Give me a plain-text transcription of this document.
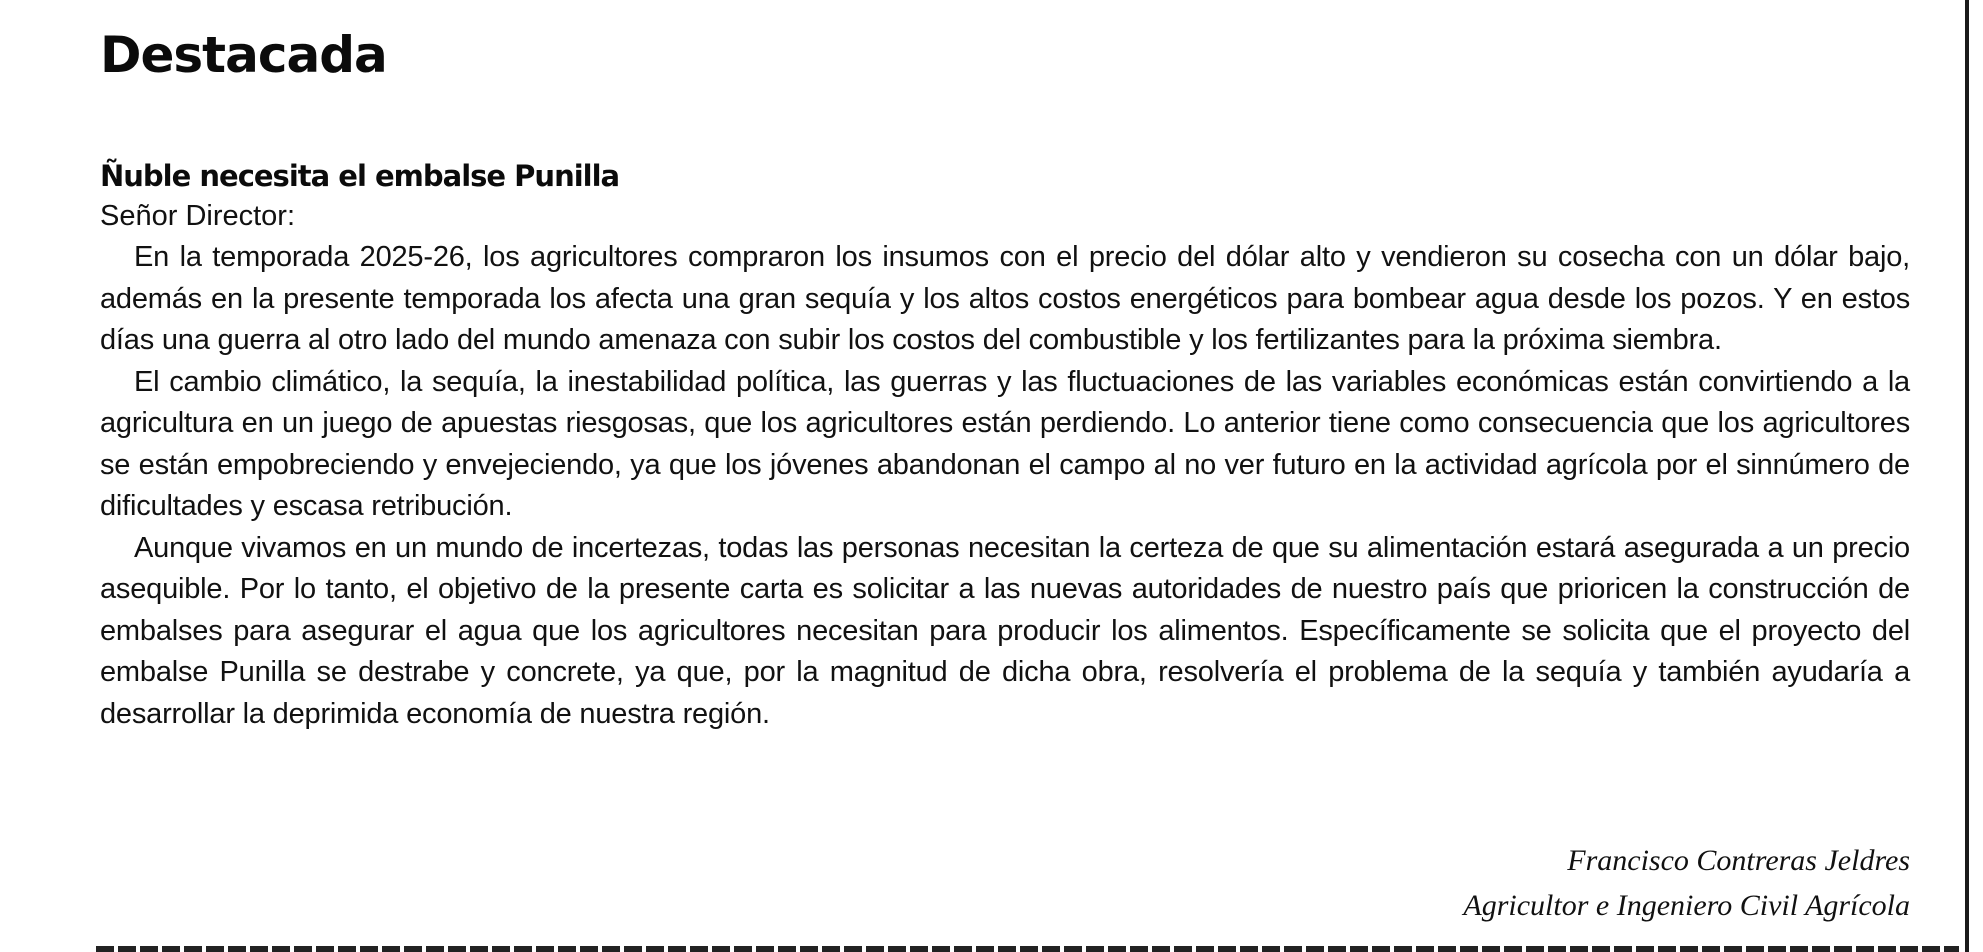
Destacada
Ñuble necesita el embalse Punilla

Señor Director:

En la temporada 2025-26, los agricultores compraron los insumos con el precio del dólar alto y vendieron su cosecha con un dólar bajo, además en la presente temporada los afecta una gran sequía y los altos costos energéticos para bombear agua desde los pozos. Y en estos días una guerra al otro lado del mundo amenaza con subir los costos del combustible y los fertilizantes para la próxima siembra.

El cambio climático, la sequía, la inestabilidad política, las guerras y las fluctuaciones de las variables económicas están convirtiendo a la agricultura en un juego de apuestas riesgosas, que los agricultores están perdiendo. Lo anterior tiene como consecuencia que los agricultores se están empobreciendo y envejeciendo, ya que los jóvenes abandonan el campo al no ver futuro en la actividad agrícola por el sinnúmero de dificultades y escasa retribución.

Aunque vivamos en un mundo de incertezas, todas las personas necesitan la certeza de que su alimentación estará asegurada a un precio asequible. Por lo tanto, el objetivo de la presente carta es solicitar a las nuevas autoridades de nuestro país que prioricen la construcción de embalses para asegurar el agua que los agricultores necesitan para producir los alimentos. Específicamente se solicita que el proyecto del embalse Punilla se destrabe y concrete, ya que, por la magnitud de dicha obra, resolvería el problema de la sequía y también ayudaría a desarrollar la deprimida economía de nuestra región.

Francisco Contreras Jeldres
Agricultor e Ingeniero Civil Agrícola
